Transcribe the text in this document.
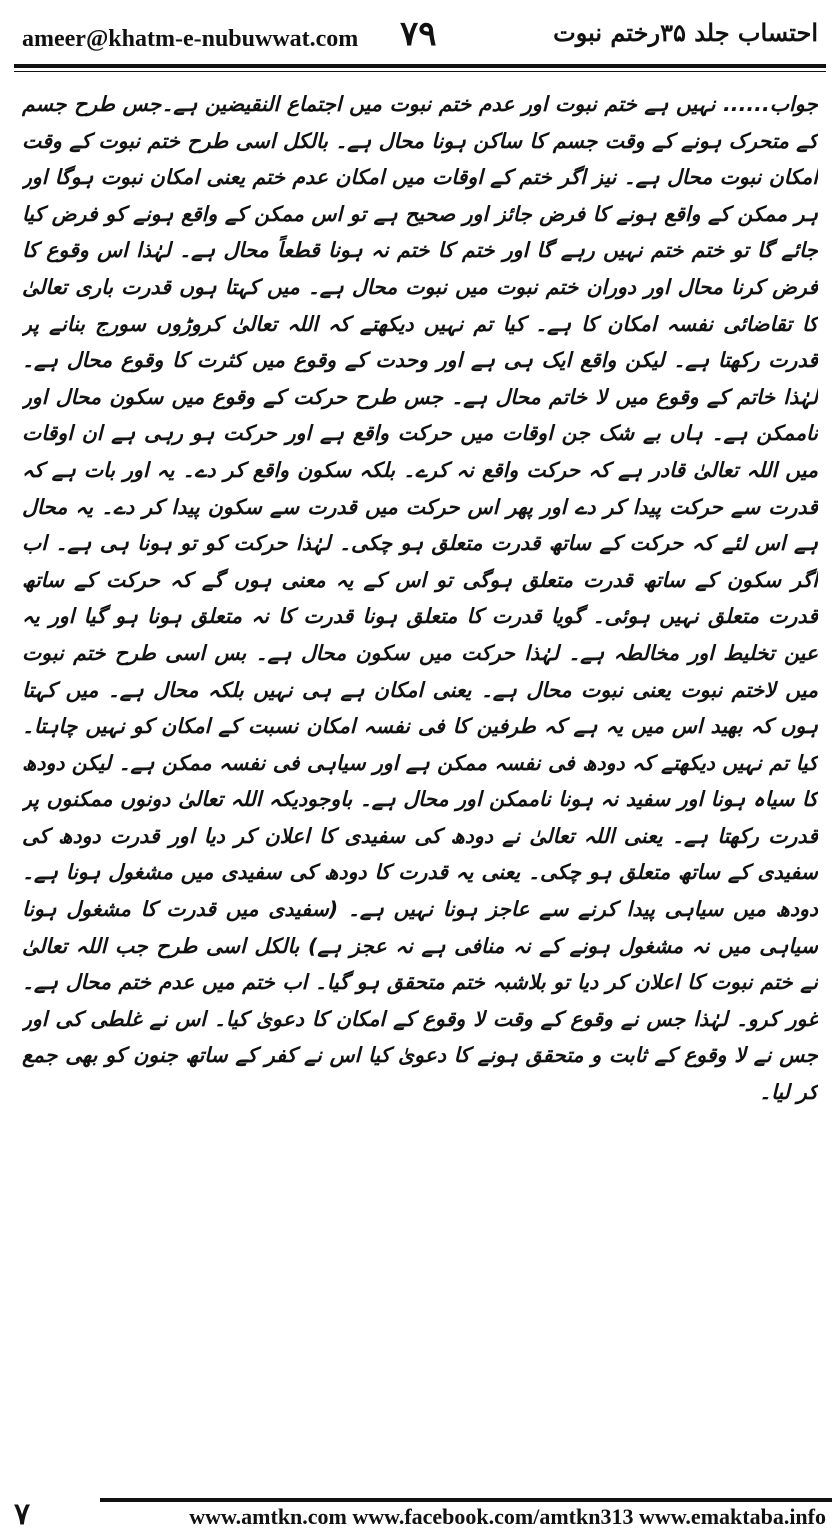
ameer@khatm-e-nubuwwat.com ۷۹	احتساب جلد ۳۵رختم نبوت
جواب...... نہیں ہے ختم نبوت اور عدم ختم نبوت میں اجتماع النقیضین ہے۔جس طرح جسم کے متحرک ہونے کے وقت جسم کا ساکن ہونا محال ہے۔ بالکل اسی طرح ختم نبوت کے وقت امکان نبوت محال ہے۔ نیز اگر ختم کے اوقات میں امکان عدم ختم یعنی امکان نبوت ہوگا اور ہر ممکن کے واقع ہونے کا فرض جائز اور صحیح ہے تو اس ممکن کے واقع ہونے کو فرض کیا جائے گا تو ختم ختم نہیں رہے گا اور ختم کا ختم نہ ہونا قطعاً محال ہے۔ لہٰذا اس وقوع کا فرض کرنا محال اور دوران ختم نبوت میں نبوت محال ہے۔ میں کہتا ہوں قدرت باری تعالیٰ کا تقاضائی نفسہ امکان کا ہے۔ کیا تم نہیں دیکھتے کہ اللہ تعالیٰ کروڑوں سورج بنانے پر قدرت رکھتا ہے۔ لیکن واقع ایک ہی ہے اور وحدت کے وقوع میں کثرت کا وقوع محال ہے۔ لہٰذا خاتم کے وقوع میں لا خاتم محال ہے۔ جس طرح حرکت کے وقوع میں سکون محال اور ناممکن ہے۔ ہاں بے شک جن اوقات میں حرکت واقع ہے اور حرکت ہو رہی ہے ان اوقات میں اللہ تعالیٰ قادر ہے کہ حرکت واقع نہ کرے۔ بلکہ سکون واقع کر دے۔ یہ اور بات ہے کہ قدرت سے حرکت پیدا کر دے اور پھر اس حرکت میں قدرت سے سکون پیدا کر دے۔ یہ محال ہے اس لئے کہ حرکت کے ساتھ قدرت متعلق ہو چکی۔ لہٰذا حرکت کو تو ہونا ہی ہے۔ اب اگر سکون کے ساتھ قدرت متعلق ہوگی تو اس کے یہ معنی ہوں گے کہ حرکت کے ساتھ قدرت متعلق نہیں ہوئی۔ گویا قدرت کا متعلق ہونا قدرت کا نہ متعلق ہونا ہو گیا اور یہ عین تخلیط اور مخالطہ ہے۔ لہٰذا حرکت میں سکون محال ہے۔ بس اسی طرح ختم نبوت میں لاختم نبوت یعنی نبوت محال ہے۔ یعنی امکان ہے ہی نہیں بلکہ محال ہے۔ میں کہتا ہوں کہ بھید اس میں یہ ہے کہ طرفین کا فی نفسہ امکان نسبت کے امکان کو نہیں چاہتا۔ کیا تم نہیں دیکھتے کہ دودھ فی نفسہ ممکن ہے اور سیاہی فی نفسہ ممکن ہے۔ لیکن دودھ کا سیاہ ہونا اور سفید نہ ہونا ناممکن اور محال ہے۔ باوجودیکہ اللہ تعالیٰ دونوں ممکنوں پر قدرت رکھتا ہے۔ یعنی اللہ تعالیٰ نے دودھ کی سفیدی کا اعلان کر دیا اور قدرت دودھ کی سفیدی کے ساتھ متعلق ہو چکی۔ یعنی یہ قدرت کا دودھ کی سفیدی میں مشغول ہونا ہے۔ دودھ میں سیاہی پیدا کرنے سے عاجز ہونا نہیں ہے۔ (سفیدی میں قدرت کا مشغول ہونا سیاہی میں نہ مشغول ہونے کے نہ منافی ہے نہ عجز ہے) بالکل اسی طرح جب اللہ تعالیٰ نے ختم نبوت کا اعلان کر دیا تو بلاشبہ ختم متحقق ہو گیا۔ اب ختم میں عدم ختم محال ہے۔ غور کرو۔ لہٰذا جس نے وقوع کے وقت لا وقوع کے امکان کا دعویٰ کیا۔ اس نے غلطی کی اور جس نے لا وقوع کے ثابت و متحقق ہونے کا دعویٰ کیا اس نے کفر کے ساتھ جنون کو بھی جمع کر لیا۔
۷	www.amtkn.com www.facebook.com/amtkn313 www.emaktaba.info
